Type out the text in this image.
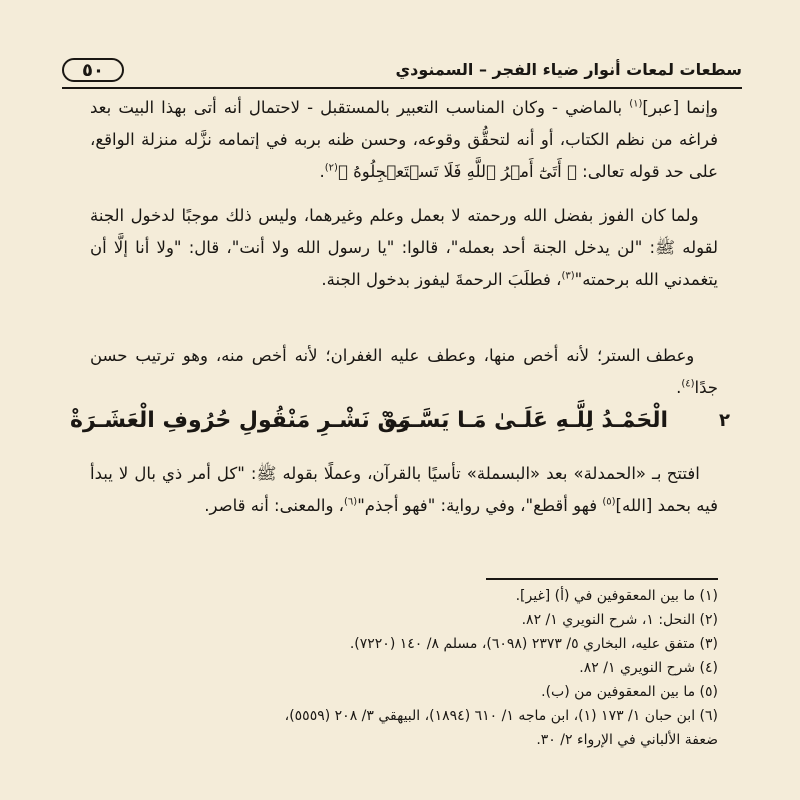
٥٠	سطعات لمعات أنوار ضياء الفجر – السمنودي

وإنما [عبر]$^{(١)}$ بالماضي - وكان المناسب التعبير بالمستقبل - لاحتمال أنه أتى بهذا البيت بعد فراغه من نظم الكتاب، أو أنه لتحقُّق وقوعه، وحسن ظنه بربه في إتمامه نزَّله منزلة الواقع، على حد قوله تعالى: ﴿ أَتَىٰٓ أَمۡرُ ٱللَّهِ فَلَا تَسۡتَعۡجِلُوهُ ﴾$^{(٢)}$.

ولما كان الفوز بفضل الله ورحمته لا بعمل وعلم وغيرهما، وليس ذلك موجبًا لدخول الجنة لقوله ﷺ: "لن يدخل الجنة أحد بعمله"، قالوا: "يا رسول الله ولا أنت"، قال: "ولا أنا إلَّا أن يتغمدني الله برحمته"$^{(٣)}$، فطلَبَ الرحمةَ ليفوز بدخول الجنة.

وعطف الستر؛ لأنه أخص منها، وعطف عليه الغفران؛ لأنه أخص منه، وهو ترتيب حسن جدًا$^{(٤)}$.

٢
الْحَمْـدُ لِلَّـهِ عَلَـىٰ مَـا يَسَّـرَهْ
مِنْ نَشْـرِ مَنْقُولِ حُرُوفِ الْعَشَـرَةْ

افتتح بـ «الحمدلة» بعد «البسملة» تأسيًا بالقرآن، وعملًا بقوله ﷺ: "كل أمر ذي بال لا يبدأ فيه بحمد [الله]$^{(٥)}$ فهو أقطع"، وفي رواية: "فهو أجذم"$^{(٦)}$، والمعنى: أنه قاصر.

(١) ما بين المعقوفين في (أ) [غير].
(٢) النحل: ١، شرح النويري ١/ ٨٢.
(٣) متفق عليه، البخاري ٥/ ٢٣٧٣ (٦٠٩٨)، مسلم ٨/ ١٤٠ (٧٢٢٠).
(٤) شرح النويري ١/ ٨٢.
(٥) ما بين المعقوفين من (ب).
(٦) ابن حبان ١/ ١٧٣ (١)، ابن ماجه ١/ ٦١٠ (١٨٩٤)، البيهقي ٣/ ٢٠٨ (٥٥٥٩)،
ضعفة الألباني في الإرواء ٢/ ٣٠.
